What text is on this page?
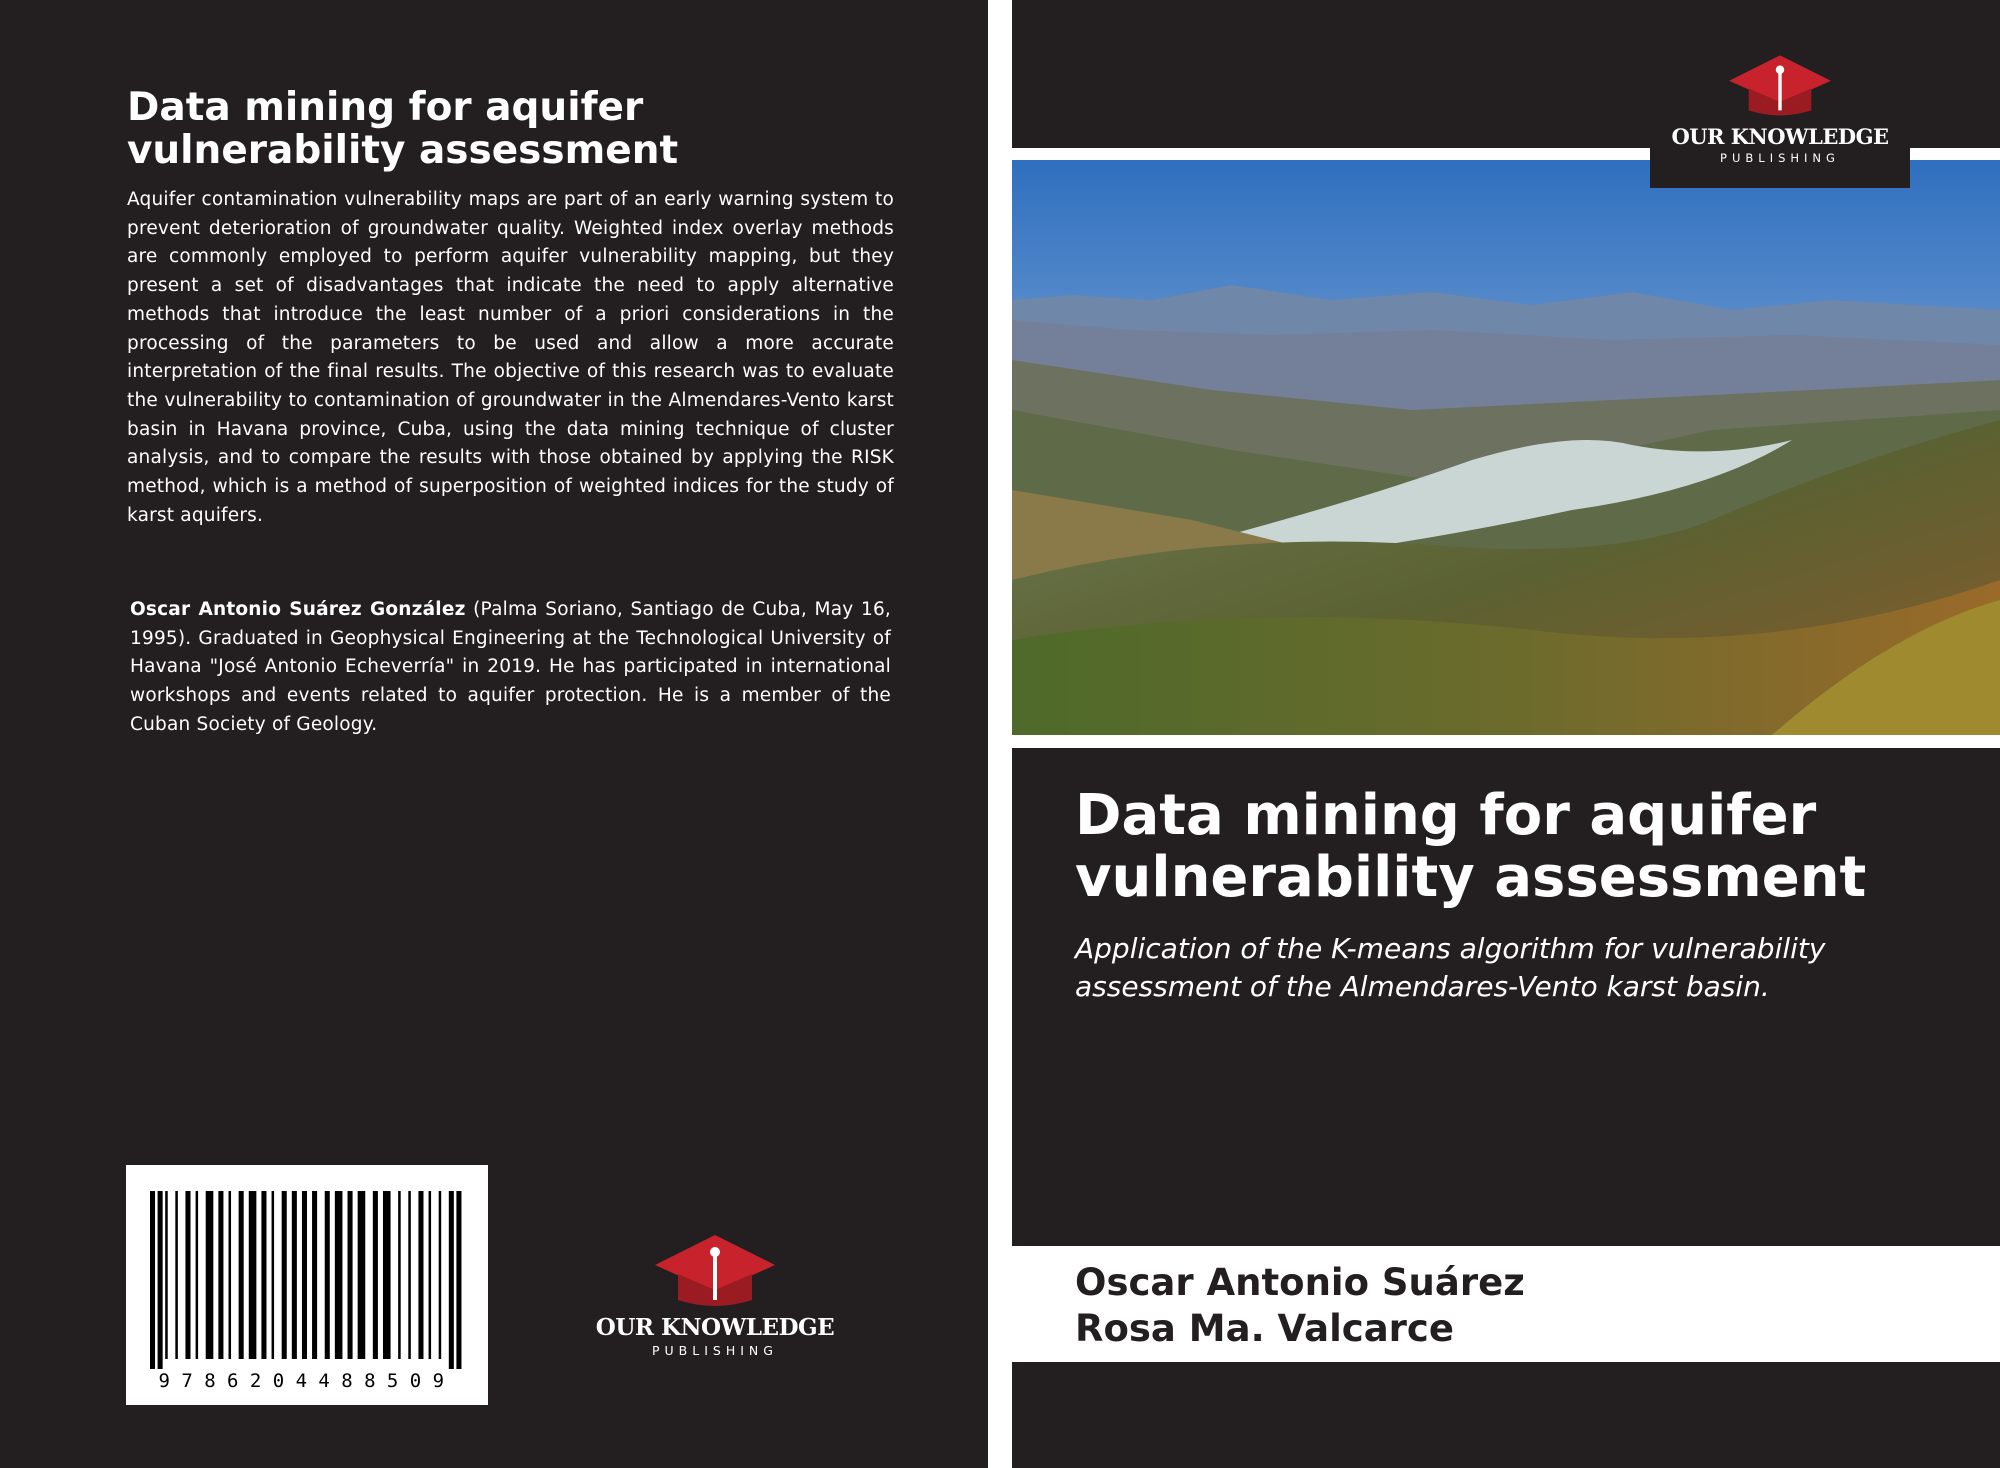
Data mining for aquifer
vulnerability assessment

Aquifer contamination vulnerability maps are part of an early warning system to prevent deterioration of groundwater quality. Weighted index overlay methods are commonly employed to perform aquifer vulnerability mapping, but they present a set of disadvantages that indicate the need to apply alternative methods that introduce the least number of a priori considerations in the processing of the parameters to be used and allow a more accurate interpretation of the final results. The objective of this research was to evaluate the vulnerability to contamination of groundwater in the Almendares-Vento karst basin in Havana province, Cuba, using the data mining technique of cluster analysis, and to compare the results with those obtained by applying the RISK method, which is a method of superposition of weighted indices for the study of karst aquifers.

Oscar Antonio Suárez González (Palma Soriano, Santiago de Cuba, May 16, 1995). Graduated in Geophysical Engineering at the Technological University of Havana "José Antonio Echeverría" in 2019. He has participated in international workshops and events related to aquifer protection. He is a member of the Cuban Society of Geology.

9786204488509
OUR KNOWLEDGE
PUBLISHING
OUR KNOWLEDGE
PUBLISHING
Data mining for aquifer
vulnerability assessment

Application of the K-means algorithm for vulnerability
assessment of the Almendares-Vento karst basin.

Oscar Antonio Suárez
Rosa Ma. Valcarce
